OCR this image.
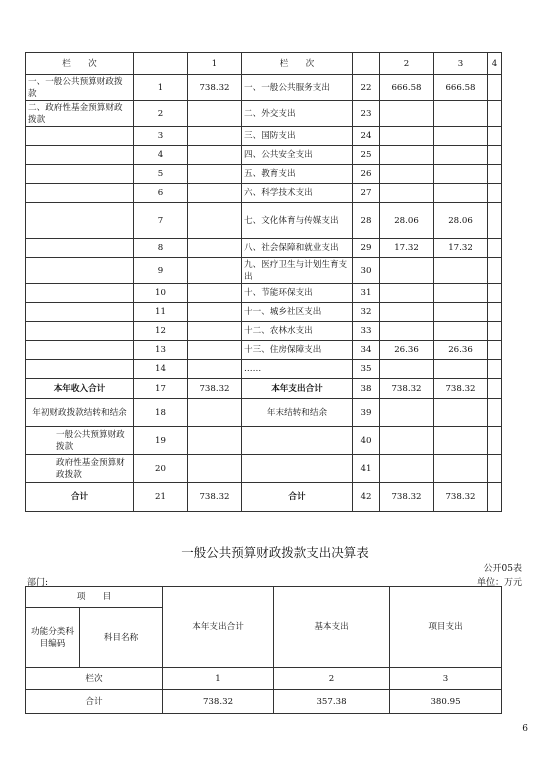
栏　　次		1	栏　　次		2	3	4
一、一般公共预算财政拨款	1	738.32	一、一般公共服务支出	22	666.58	666.58	
二、政府性基金预算财政拨款	2		二、外交支出	23			
	3		三、国防支出	24			
	4		四、公共安全支出	25			
	5		五、教育支出	26			
	6		六、科学技术支出	27			
	7		七、文化体育与传媒支出	28	28.06	28.06	
	8		八、社会保障和就业支出	29	17.32	17.32	
	9		九、医疗卫生与计划生育支出	30			
	10		十、节能环保支出	31			
	11		十一、城乡社区支出	32			
	12		十二、农林水支出	33			
	13		十三、住房保障支出	34	26.36	26.36	
	14		……	35			
本年收入合计	17	738.32	本年支出合计	38	738.32	738.32	
年初财政拨款结转和结余	18		年末结转和结余	39			
一般公共预算财政拨款	19			40			
政府性基金预算财政拨款	20			41			
合计	21	738.32	合计	42	738.32	738.32	
一般公共预算财政拨款支出决算表
公开05表
部门:	单位：万元
项　　目		本年支出合计	基本支出	项目支出
功能分类科目编码	科目名称			
栏次		1	2	3
合计		738.32	357.38	380.95
6
